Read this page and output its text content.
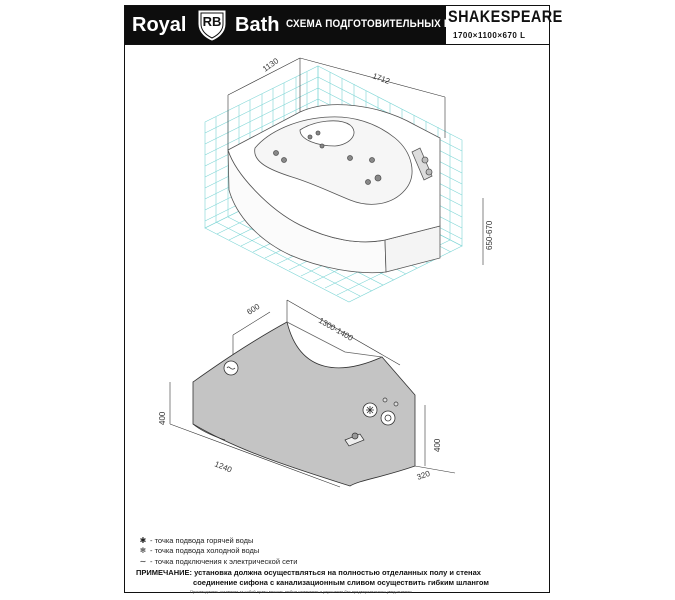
Royal	RB Bath СХЕМА ПОДГОТОВИТЕЛЬНЫХ РАБОТ
SHAKESPEARE
1700×1100×670 L
1130
1712
650-670
600
1300-1400
400
1240
400
320
✱ - точка подвода горячей воды
❄ - точка подвода холодной воды
∼ - точка подключения к электрической сети
ПРИМЕЧАНИЕ: установка должна осуществляться на полностью отделанных полу и стенах
соединение сифона с канализационным сливом осуществить гибким шлангом
Производитель оставляет за собой право вносить любые изменения и улучшения без предварительного уведомления
